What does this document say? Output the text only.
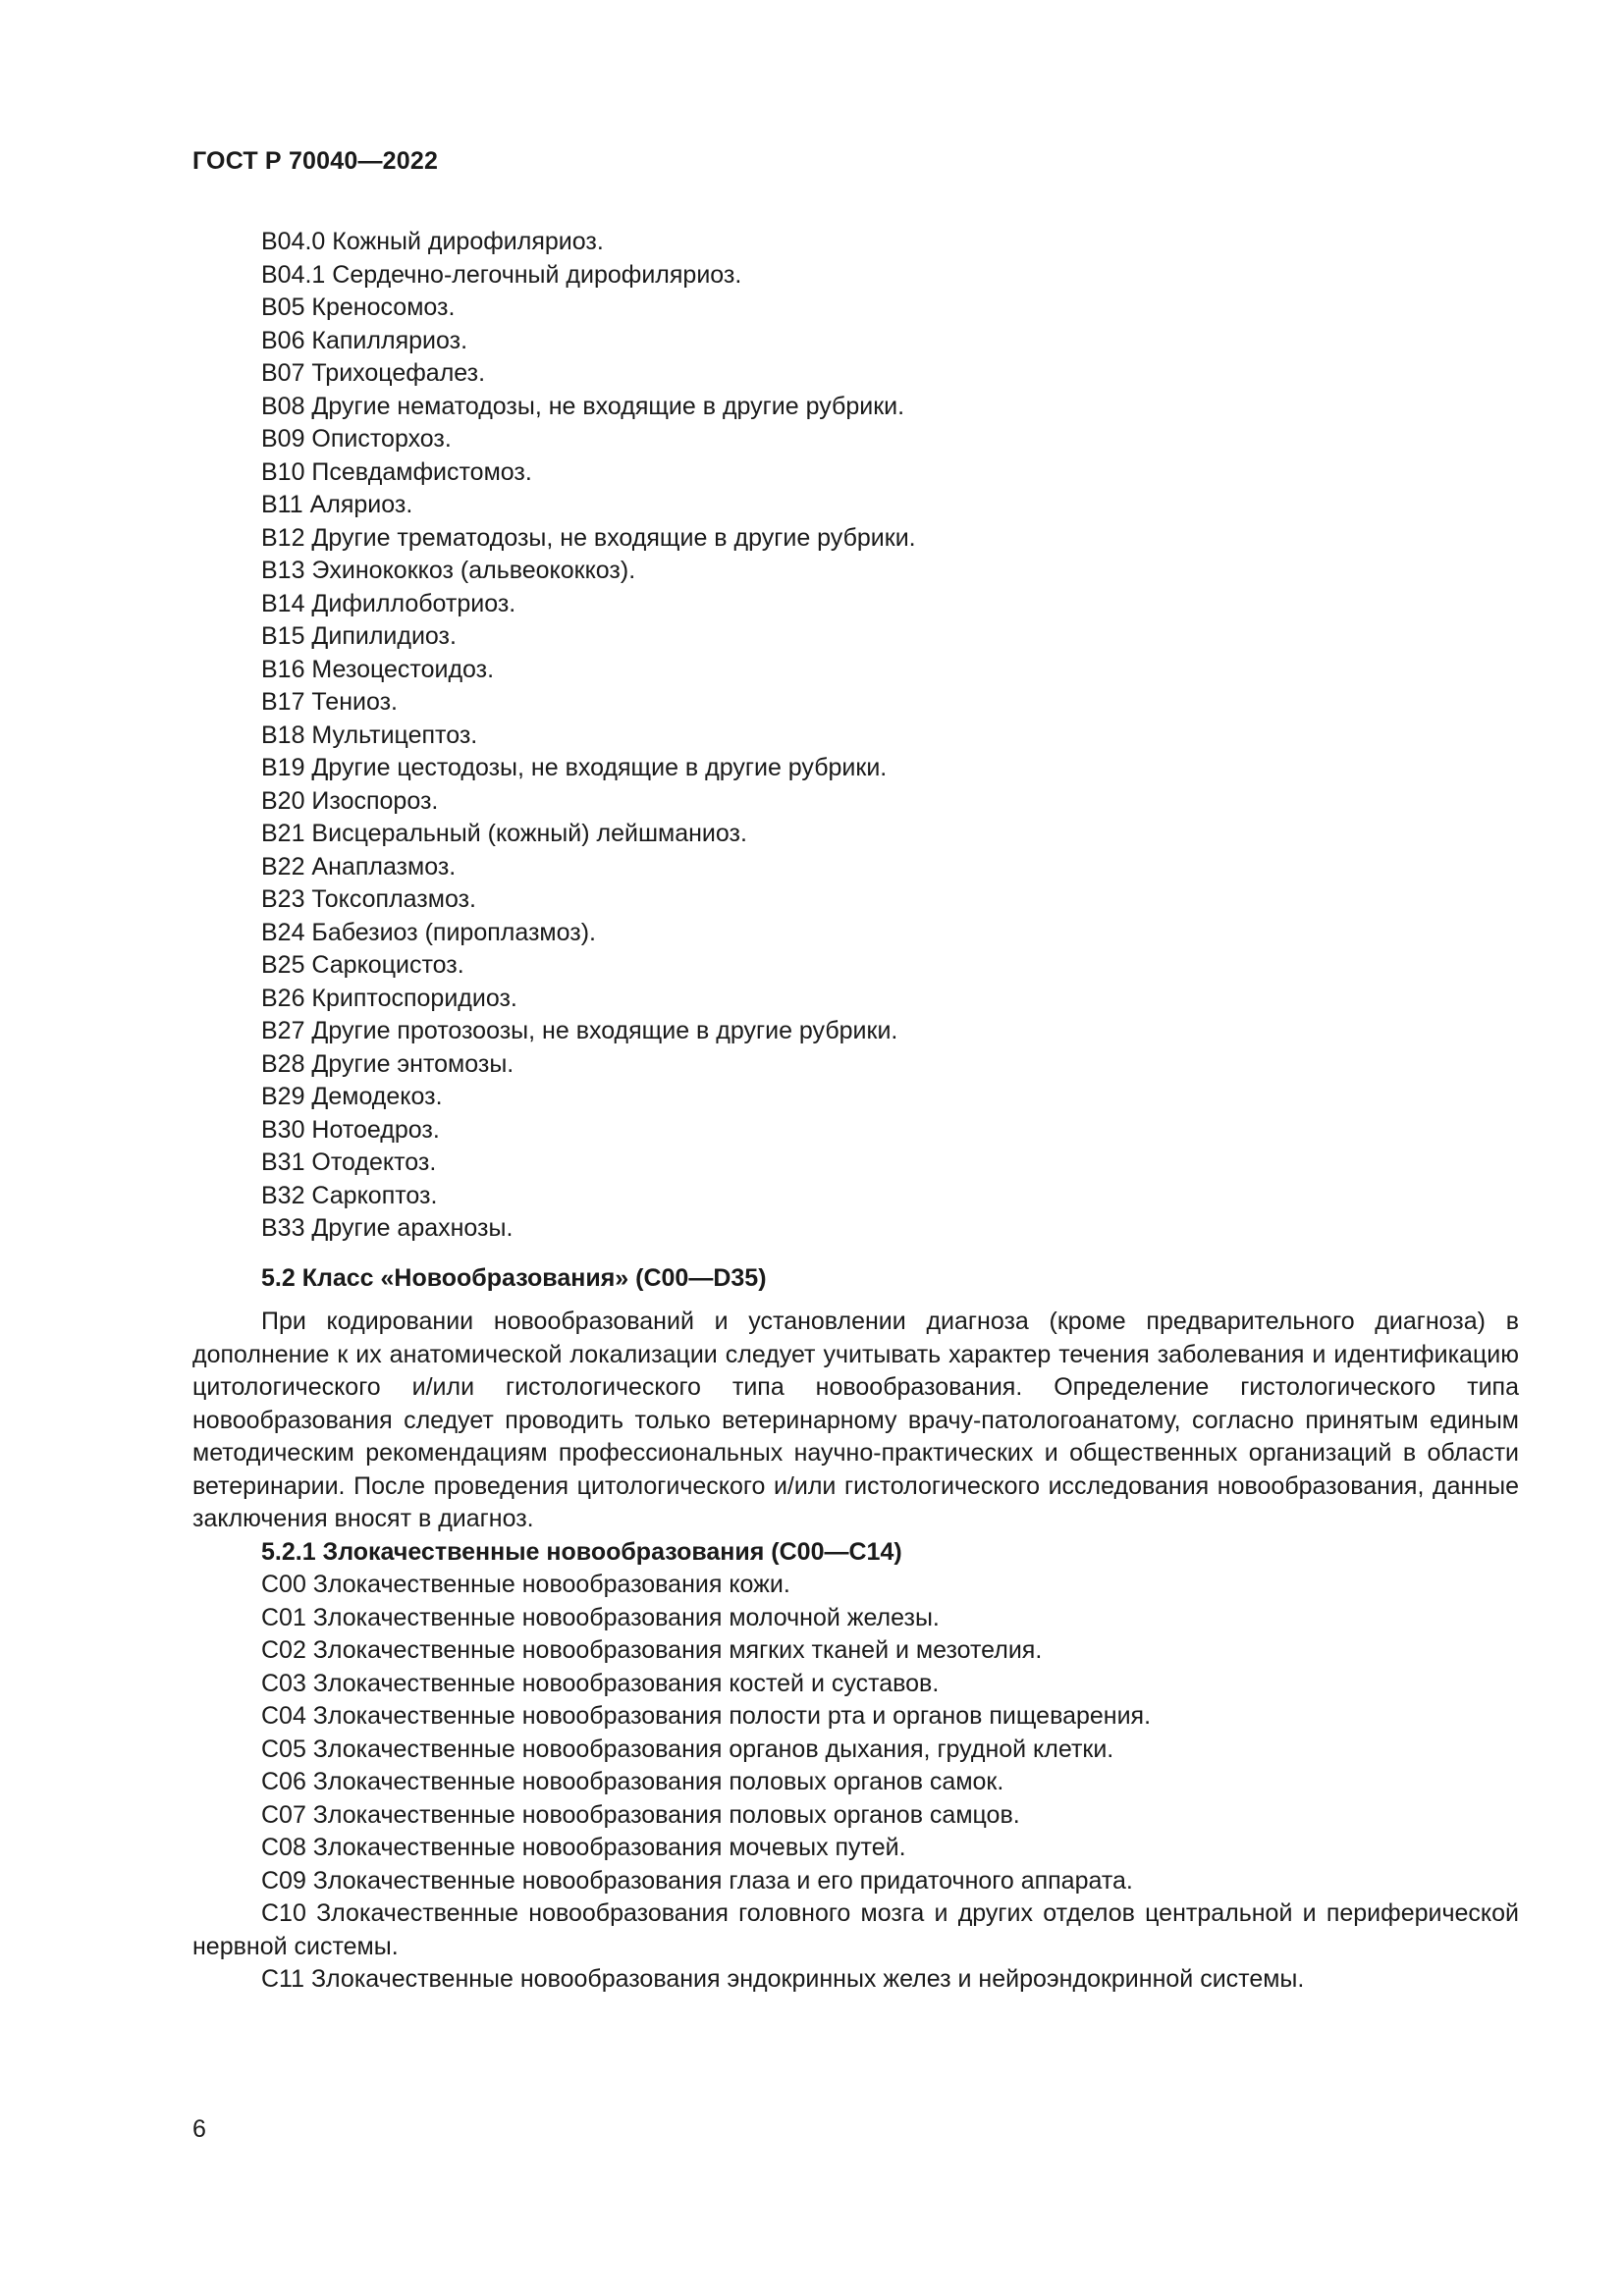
ГОСТ Р 70040—2022
B04.0 Кожный дирофиляриоз.
B04.1 Сердечно-легочный дирофиляриоз.
B05 Креносомоз.
B06 Капилляриоз.
B07 Трихоцефалез.
B08 Другие нематодозы, не входящие в другие рубрики.
B09 Описторхоз.
B10 Псевдамфистомоз.
B11 Аляриоз.
B12 Другие трематодозы, не входящие в другие рубрики.
B13 Эхинококкоз (альвеококкоз).
B14 Дифиллоботриоз.
B15 Дипилидиоз.
B16 Мезоцестоидоз.
B17 Тениоз.
B18 Мультицептоз.
B19 Другие цестодозы, не входящие в другие рубрики.
B20 Изоспороз.
B21 Висцеральный (кожный) лейшманиоз.
B22 Анаплазмоз.
B23 Токсоплазмоз.
B24 Бабезиоз (пироплазмоз).
B25 Саркоцистоз.
B26 Криптоспоридиоз.
B27 Другие протозоозы, не входящие в другие рубрики.
B28 Другие энтомозы.
B29 Демодекоз.
B30 Нотоедроз.
B31 Отодектоз.
B32 Саркоптоз.
B33 Другие арахнозы.
5.2 Класс «Новообразования» (C00—D35)

При кодировании новообразований и установлении диагноза (кроме предварительного диагноза) в дополнение к их анатомической локализации следует учитывать характер течения заболевания и идентификацию цитологического и/или гистологического типа новообразования. Определение гистологического типа новообразования следует проводить только ветеринарному врачу-патологоанатому, согласно принятым единым методическим рекомендациям профессиональных научно-практических и общественных организаций в области ветеринарии. После проведения цитологического и/или гистологического исследования новообразования, данные заключения вносят в диагноз.

5.2.1 Злокачественные новообразования (C00—C14)
C00 Злокачественные новообразования кожи.
C01 Злокачественные новообразования молочной железы.
C02 Злокачественные новообразования мягких тканей и мезотелия.
C03 Злокачественные новообразования костей и суставов.
C04 Злокачественные новообразования полости рта и органов пищеварения.
C05 Злокачественные новообразования органов дыхания, грудной клетки.
C06 Злокачественные новообразования половых органов самок.
C07 Злокачественные новообразования половых органов самцов.
C08 Злокачественные новообразования мочевых путей.
C09 Злокачественные новообразования глаза и его придаточного аппарата.
C10 Злокачественные новообразования головного мозга и других отделов центральной и периферической нервной системы.
C11 Злокачественные новообразования эндокринных желез и нейроэндокринной системы.
6
